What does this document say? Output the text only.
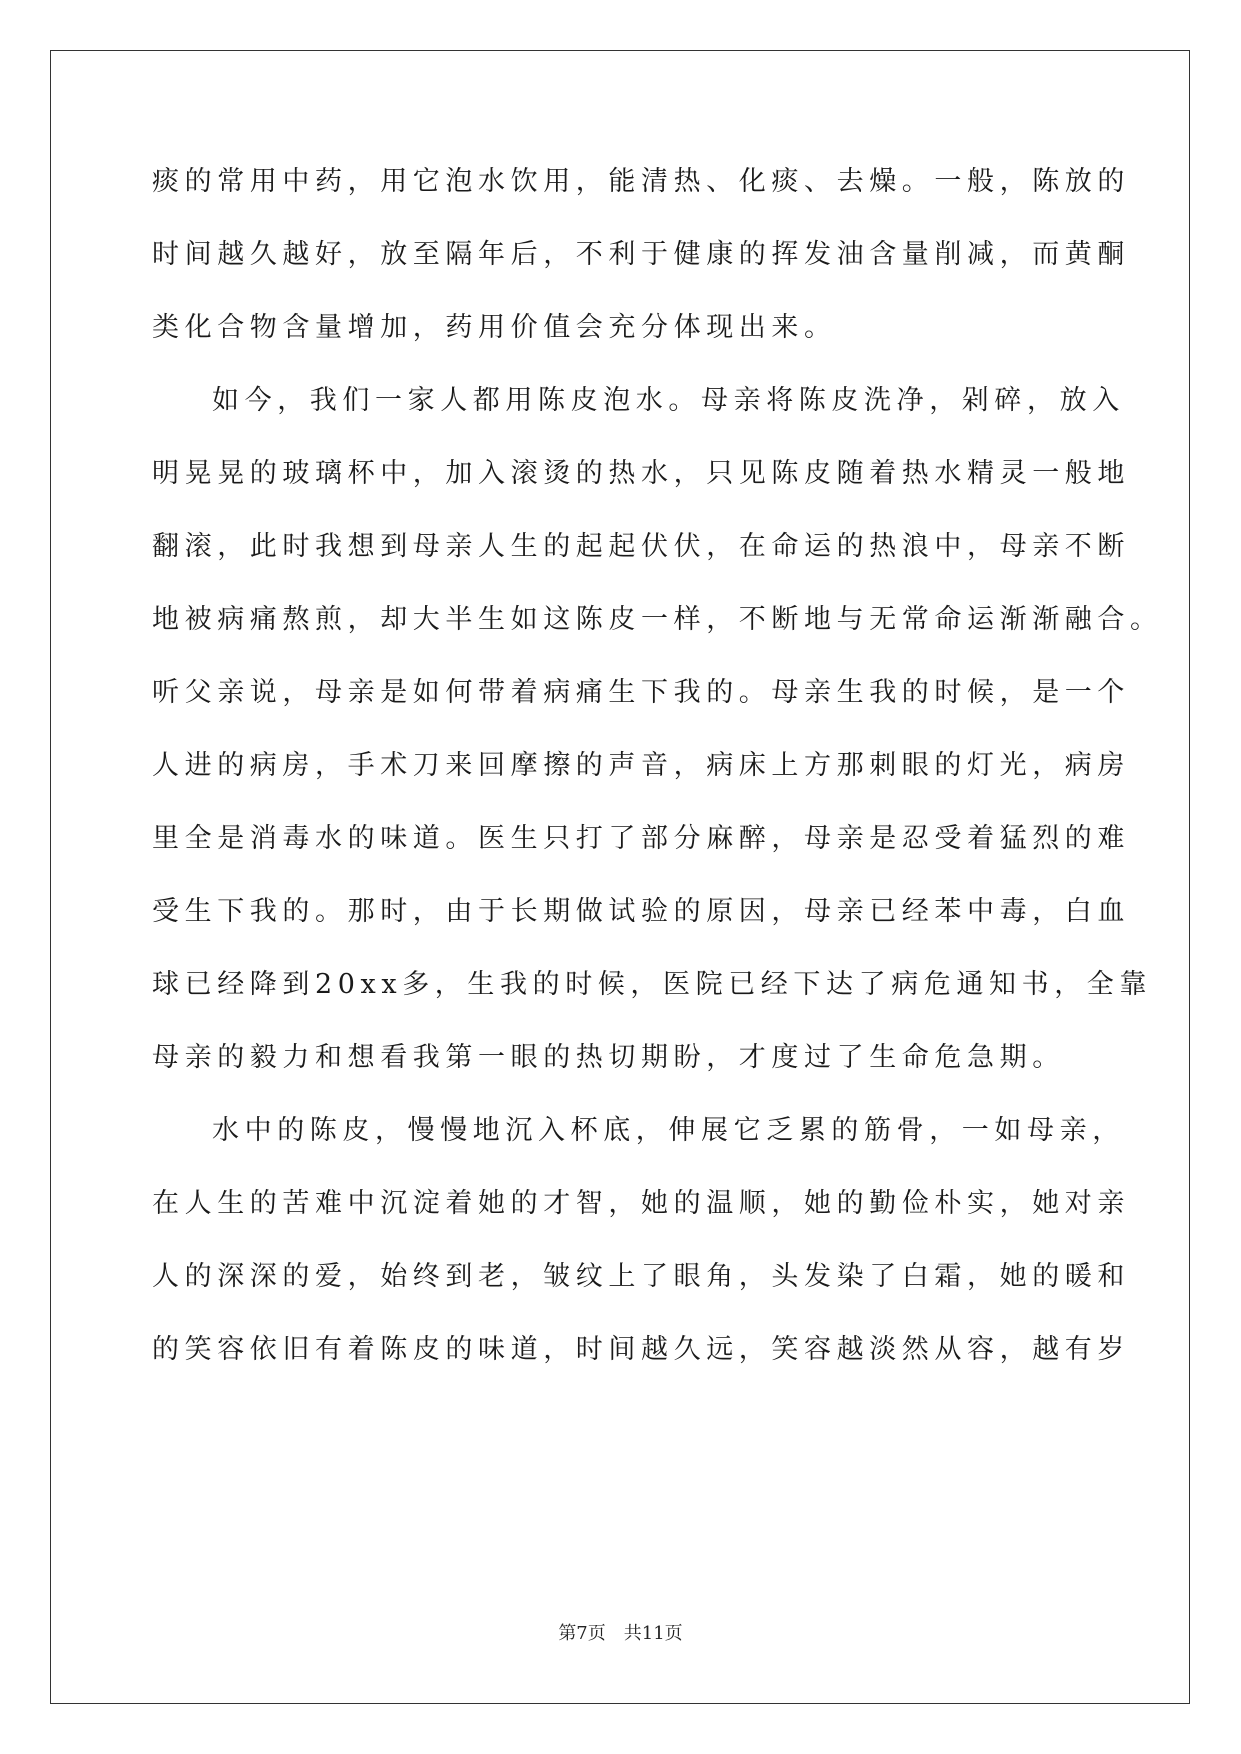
痰的常用中药，用它泡水饮用，能清热、化痰、去燥。一般，陈放的
时间越久越好，放至隔年后，不利于健康的挥发油含量削减，而黄酮
类化合物含量增加，药用价值会充分体现出来。
如今，我们一家人都用陈皮泡水。母亲将陈皮洗净，剁碎，放入
明晃晃的玻璃杯中，加入滚烫的热水，只见陈皮随着热水精灵一般地
翻滚，此时我想到母亲人生的起起伏伏，在命运的热浪中，母亲不断
地被病痛熬煎，却大半生如这陈皮一样，不断地与无常命运渐渐融合。
听父亲说，母亲是如何带着病痛生下我的。母亲生我的时候，是一个
人进的病房，手术刀来回摩擦的声音，病床上方那刺眼的灯光，病房
里全是消毒水的味道。医生只打了部分麻醉，母亲是忍受着猛烈的难
受生下我的。那时，由于长期做试验的原因，母亲已经苯中毒，白血
球已经降到20xx多，生我的时候，医院已经下达了病危通知书，全靠
母亲的毅力和想看我第一眼的热切期盼，才度过了生命危急期。
水中的陈皮，慢慢地沉入杯底，伸展它乏累的筋骨，一如母亲，
在人生的苦难中沉淀着她的才智，她的温顺，她的勤俭朴实，她对亲
人的深深的爱，始终到老，皱纹上了眼角，头发染了白霜，她的暖和
的笑容依旧有着陈皮的味道，时间越久远，笑容越淡然从容，越有岁
第7页 共11页
